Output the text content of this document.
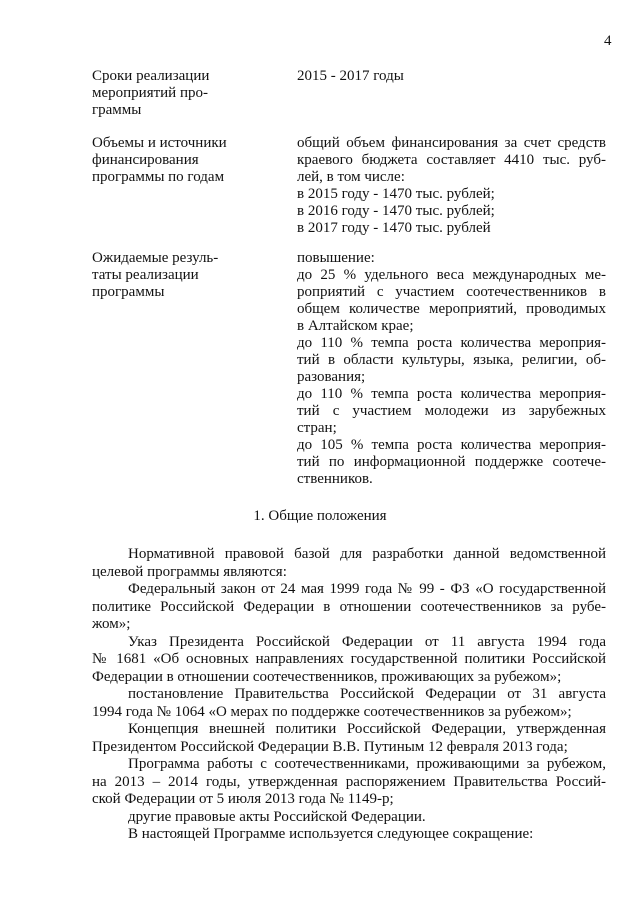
4
Сроки реализации
мероприятий про-
граммы
2015 - 2017 годы
Объемы и источники
финансирования
программы по годам
общий объем финансирования за счет средств
краевого бюджета составляет 4410 тыс. руб-
лей, в том числе:
в 2015 году - 1470 тыс. рублей;
в 2016 году - 1470 тыс. рублей;
в 2017 году - 1470 тыс. рублей
Ожидаемые резуль-
таты реализации
программы
повышение:
до 25 % удельного веса международных ме-
роприятий с участием соотечественников в
общем количестве мероприятий, проводимых
в Алтайском крае;
до 110 % темпа роста количества мероприя-
тий в области культуры, языка, религии, об-
разования;
до 110 % темпа роста количества мероприя-
тий с участием молодежи из зарубежных
стран;
до 105 % темпа роста количества мероприя-
тий по информационной поддержке соотече-
ственников.
1. Общие положения
Нормативной правовой базой для разработки данной ведомственной
целевой программы являются:
Федеральный закон от 24 мая 1999 года № 99 - ФЗ «О государственной
политике Российской Федерации в отношении соотечественников за рубе-
жом»;
Указ Президента Российской Федерации от 11 августа 1994 года
№ 1681 «Об основных направлениях государственной политики Российской
Федерации в отношении соотечественников, проживающих за рубежом»;
постановление Правительства Российской Федерации от 31 августа
1994 года № 1064 «О мерах по поддержке соотечественников за рубежом»;
Концепция внешней политики Российской Федерации, утвержденная
Президентом Российской Федерации В.В. Путиным 12 февраля 2013 года;
Программа работы с соотечественниками, проживающими за рубежом,
на 2013 – 2014 годы, утвержденная распоряжением Правительства Россий-
ской Федерации от 5 июля 2013 года № 1149-р;
другие правовые акты Российской Федерации.
В настоящей Программе используется следующее сокращение:
